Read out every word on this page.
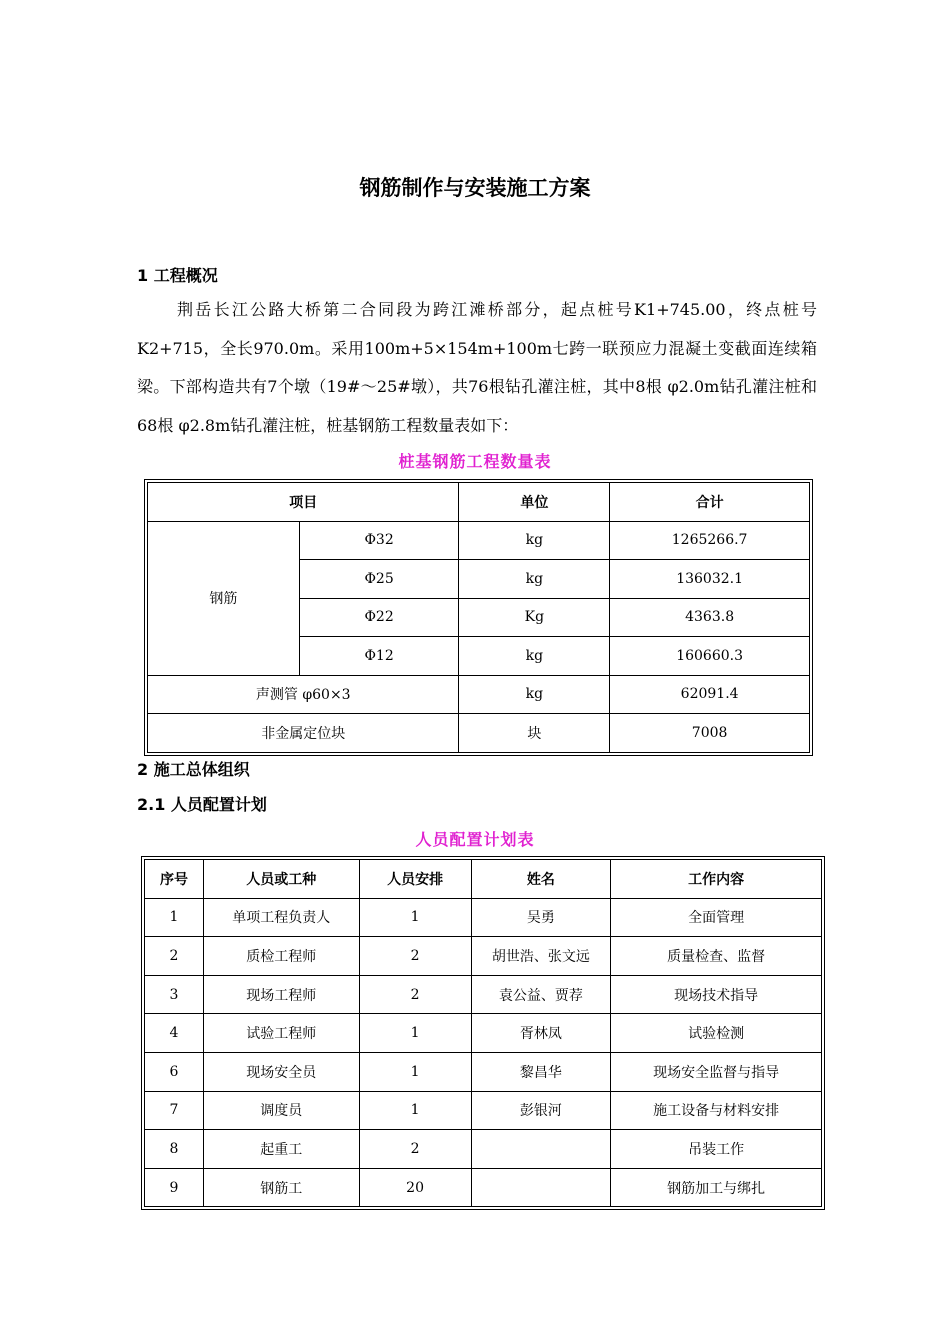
钢筋制作与安装施工方案
1 工程概况
荆岳长江公路大桥第二合同段为跨江滩桥部分，起点桩号K1+745.00，终点桩号K2+715，全长970.0m。采用100m+5×154m+100m七跨一联预应力混凝土变截面连续箱梁。下部构造共有7个墩（19#～25#墩），共76根钻孔灌注桩，其中8根 φ2.0m钻孔灌注桩和68根 φ2.8m钻孔灌注桩，桩基钢筋工程数量表如下：
桩基钢筋工程数量表
项目		单位	合计
钢筋	Φ32	kg	1265266.7
	Φ25	kg	136032.1
	Φ22	Kg	4363.8
	Φ12	kg	160660.3
声测管 φ60×3		kg	62091.4
非金属定位块		块	7008
2 施工总体组织
2.1 人员配置计划
人员配置计划表
序号	人员或工种	人员安排	姓名	工作内容
1	单项工程负责人	1	吴勇	全面管理
2	质检工程师	2	胡世浩、张文远	质量检查、监督
3	现场工程师	2	袁公益、贾荐	现场技术指导
4	试验工程师	1	胥林凤	试验检测
6	现场安全员	1	黎昌华	现场安全监督与指导
7	调度员	1	彭银河	施工设备与材料安排
8	起重工	2		吊装工作
9	钢筋工	20		钢筋加工与绑扎
